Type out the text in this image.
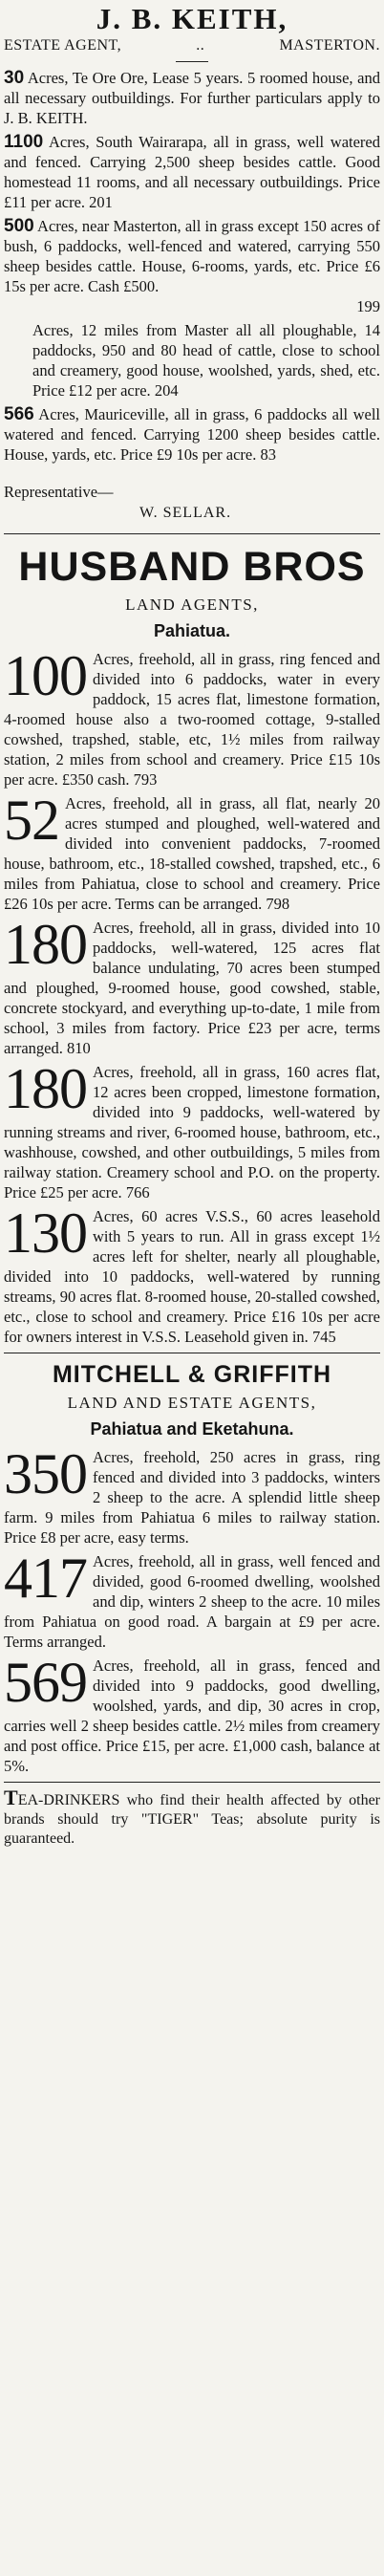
J. B. KEITH,
ESTATE AGENT,	..	MASTERTON.
30 Acres, Te Ore Ore, Lease 5 years. 5 roomed house, and all necessary outbuildings. For further particulars apply to J. B. KEITH.
1100 Acres, South Wairarapa, all in grass, well watered and fenced. Carrying 2,500 sheep besides cattle. Good homestead 11 rooms, and all necessary outbuildings. Price £11 per acre. 201
500 Acres, near Masterton, all in grass except 150 acres of bush, 6 paddocks, well-fenced and watered, carrying 550 sheep besides cattle. House, 6-rooms, yards, etc. Price £6 15s per acre. Cash £500.
199
Acres, 12 miles from Master all all ploughable, 14 paddocks, 950 and 80 head of cattle, close to school and creamery, good house, woolshed, yards, shed, etc. Price £12 per acre. 204
566 Acres, Mauriceville, all in grass, 6 paddocks all well watered and fenced. Carrying 1200 sheep besides cattle. House, yards, etc. Price £9 10s per acre. 83
Representative—
W. SELLAR.
HUSBAND BROS
LAND AGENTS,
Pahiatua.
100 Acres, freehold, all in grass, ring fenced and divided into 6 paddocks, water in every paddock, 15 acres flat, limestone formation, 4-roomed house also a two-roomed cottage, 9-stalled cowshed, trapshed, stable, etc, 1½ miles from railway station, 2 miles from school and creamery. Price £15 10s per acre. £350 cash. 793
52 Acres, freehold, all in grass, all flat, nearly 20 acres stumped and ploughed, well-watered and divided into convenient paddocks, 7-roomed house, bathroom, etc., 18-stalled cowshed, trapshed, etc., 6 miles from Pahiatua, close to school and creamery. Price £26 10s per acre. Terms can be arranged. 798
180 Acres, freehold, all in grass, divided into 10 paddocks, well-watered, 125 acres flat balance undulating, 70 acres been stumped and ploughed, 9-roomed house, good cowshed, stable, concrete stockyard, and everything up-to-date, 1 mile from school, 3 miles from factory. Price £23 per acre, terms arranged. 810
180 Acres, freehold, all in grass, 160 acres flat, 12 acres been cropped, limestone formation, divided into 9 paddocks, well-watered by running streams and river, 6-roomed house, bathroom, etc., washhouse, cowshed, and other outbuildings, 5 miles from railway station. Creamery school and P.O. on the property. Price £25 per acre. 766
130 Acres, 60 acres V.S.S., 60 acres leasehold with 5 years to run. All in grass except 1½ acres left for shelter, nearly all ploughable, divided into 10 paddocks, well-watered by running streams, 90 acres flat. 8-roomed house, 20-stalled cowshed, etc., close to school and creamery. Price £16 10s per acre for owners interest in V.S.S. Leasehold given in. 745
MITCHELL & GRIFFITH
LAND AND ESTATE AGENTS,
Pahiatua and Eketahuna.
350 Acres, freehold, 250 acres in grass, ring fenced and divided into 3 paddocks, winters 2 sheep to the acre. A splendid little sheep farm. 9 miles from Pahiatua 6 miles to railway station. Price £8 per acre, easy terms.
417 Acres, freehold, all in grass, well fenced and divided, good 6-roomed dwelling, woolshed and dip, winters 2 sheep to the acre. 10 miles from Pahiatua on good road. A bargain at £9 per acre. Terms arranged.
569 Acres, freehold, all in grass, fenced and divided into 9 paddocks, good dwelling, woolshed, yards, and dip, 30 acres in crop, carries well 2 sheep besides cattle. 2½ miles from creamery and post office. Price £15, per acre. £1,000 cash, balance at 5%.
TEA-DRINKERS who find their health affected by other brands should try "TIGER" Teas; absolute purity is guaranteed.
